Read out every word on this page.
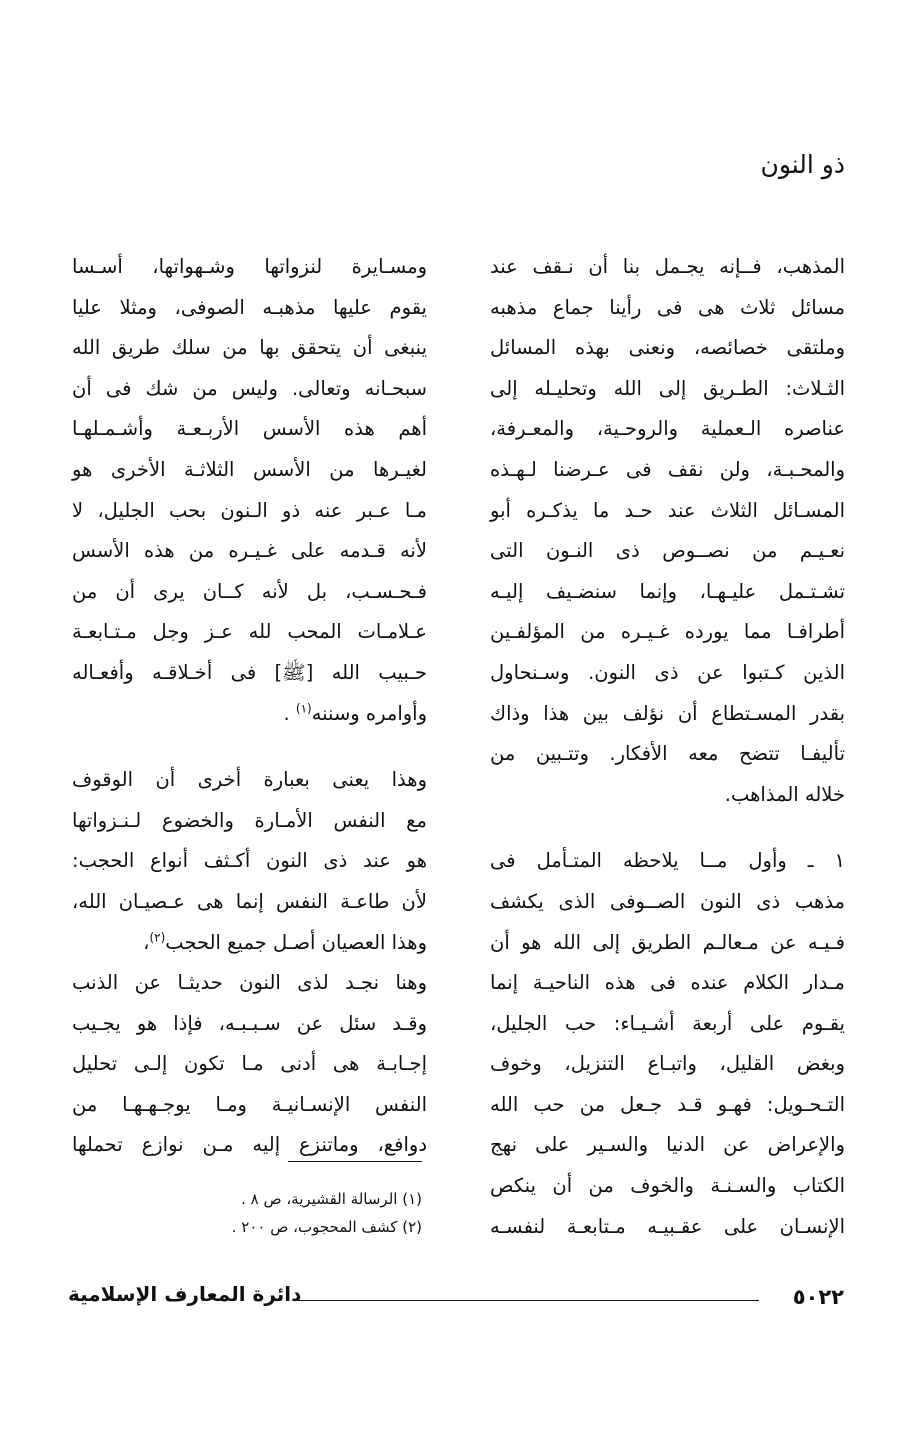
ذو النون
المذهب، فــإنه يجـمل بنا أن نـقف عند
مسائل ثلاث هى فى رأينا جماع مذهبه
وملتقى خصائصه، ونعنى بهذه المسائل
الثـلاث: الطـريق إلى الله وتحليـله إلى
عناصره الـعملية والروحـية، والمعـرفة،
والمحـبـة، ولن نقف فى عـرضنا لـهـذه
المسـائل الثلاث عند حـد ما يذكـره أبو
نعـيـم من نصــوص ذى النـون التى
تشـتـمل عليـهـا، وإنما سنضـيف إليـه
أطرافـا مما يورده غـيـره من المؤلفـين
الذين كـتبوا عن ذى النون. وسـنحاول
بقدر المسـتطاع أن نؤلف بين هذا وذاك
تأليفـا تتضح معه الأفكار. وتتـبين من
خلاله المذاهب.
١ ـ وأول مــا يلاحظه المتـأمل فى
مذهب ذى النون الصــوفى الذى يكشف
فـيـه عن مـعالـم الطريق إلى الله هو أن
مـدار الكلام عنده فى هذه الناحيـة إنما
يقـوم على أربعة أشـيـاء: حب الجليل،
وبغض القليل، واتبـاع التنزيل، وخوف
التـحـويل: فهـو قـد جـعل من حب الله
والإعراض عن الدنيا والسـير على نهج
الكتاب والسـنـة والخوف من أن ينكص
الإنسـان على عقـبيـه مـتابعـة لنفسـه
ومسـايرة لنزواتها وشـهواتها، أسـسا
يقوم عليها مذهبـه الصوفى، ومثلا عليا
ينبغى أن يتحقق بها من سلك طريق الله
سبحـانه وتعالى. وليس من شك فى أن
أهم هذه الأسس الأربـعـة وأشـمـلهـا
لغيـرها من الأسس الثلاثـة الأخرى هو
مـا عـبر عنه ذو الـنون بحب الجليل، لا
لأنه قـدمه على غـيـره من هذه الأسس
فـحـسـب، بل لأنه كــان يرى أن من
عـلامـات المحب لله عـز وجل مـتـابعـة
حـبيب الله [ﷺ] فى أخـلاقـه وأفعـاله
وأوامره وسننه$^{(١)}$ .
وهذا يعنى بعبارة أخرى أن الوقوف
مع النفس الأمـارة والخضوع لـنـزواتها
هو عند ذى النون أكـثف أنواع الحجب:
لأن طاعـة النفس إنما هى عـصيـان الله،
وهذا العصيان أصـل جميع الحجب$^{(٢)}$،
وهنا نجـد لذى النون حديثـا عن الذنب
وقـد سئل عن سـبـبـه، فإذا هو يجـيب
إجـابـة هى أدنى مـا تكون إلـى تحليل
النفس الإنسـانيـة ومـا يوجـهـهـا من
دوافع، وماتنزع إليه مـن نوازع تحملها
(١) الرسالة القشيرية، ص ٨ .
(٢) كشف المحجوب، ص ٢٠٠ .
٥٠٢٢
دائرة المعارف الإسلامية
